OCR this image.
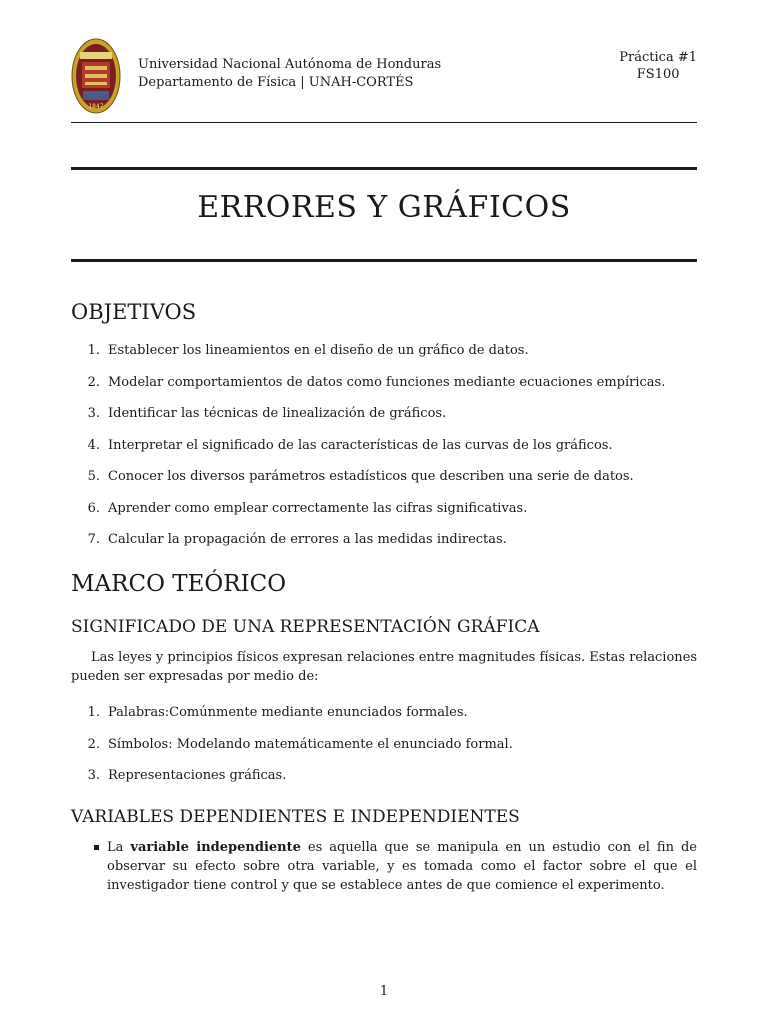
1847
Universidad Nacional Autónoma de Honduras
Departamento de Física | UNAH-CORTÉS
Práctica #1
FS100
ERRORES Y GRÁFICOS
OBJETIVOS
1. Establecer los lineamientos en el diseño de un gráfico de datos.
2. Modelar comportamientos de datos como funciones mediante ecuaciones empíricas.
3. Identificar las técnicas de linealización de gráficos.
4. Interpretar el significado de las características de las curvas de los gráficos.
5. Conocer los diversos parámetros estadísticos que describen una serie de datos.
6. Aprender como emplear correctamente las cifras significativas.
7. Calcular la propagación de errores a las medidas indirectas.
MARCO TEÓRICO
SIGNIFICADO DE UNA REPRESENTACIÓN GRÁFICA
Las leyes y principios físicos expresan relaciones entre magnitudes físicas. Estas relaciones pueden ser expresadas por medio de:
1. Palabras:Comúnmente mediante enunciados formales.
2. Símbolos: Modelando matemáticamente el enunciado formal.
3. Representaciones gráficas.
VARIABLES DEPENDIENTES E INDEPENDIENTES
La variable independiente es aquella que se manipula en un estudio con el fin de observar su efecto sobre otra variable, y es tomada como el factor sobre el que el investigador tiene control y que se establece antes de que comience el experimento.
1
